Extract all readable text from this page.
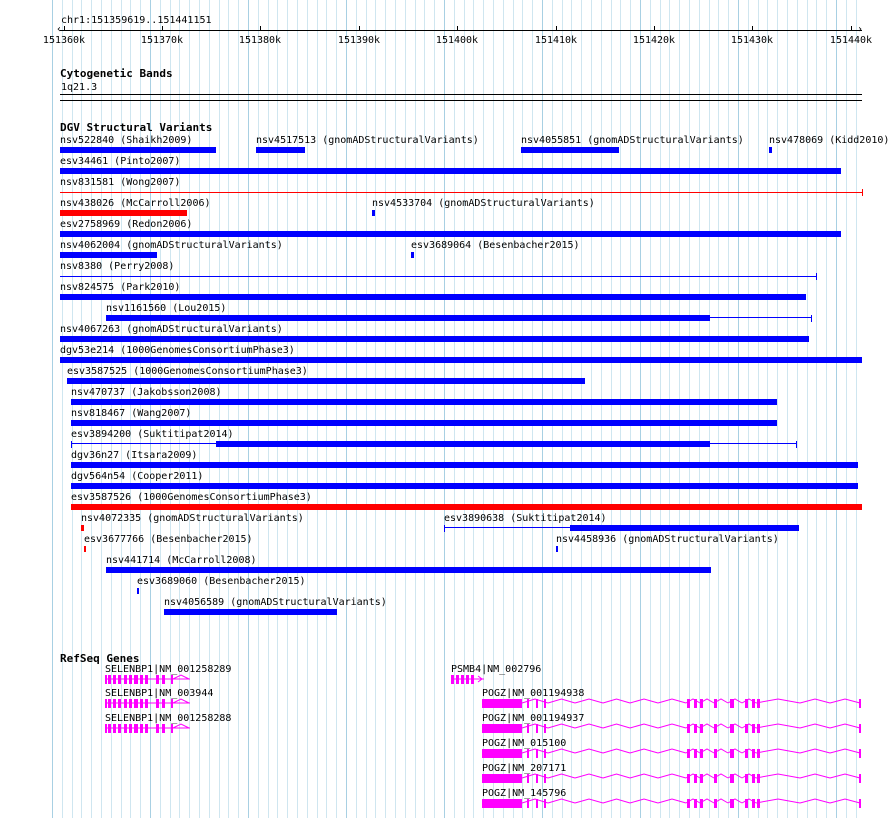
chr1:151359619..151441151
151360k	151370k	151380k	151390k	151400k	151410k	151420k	151430k	151440k
‹	›
Cytogenetic Bands
1q21.3
DGV Structural Variants
nsv522840 (Shaikh2009)	nsv4517513 (gnomADStructuralVariants)	nsv4055851 (gnomADStructuralVariants)	nsv478069 (Kidd2010)
esv34461 (Pinto2007)
nsv831581 (Wong2007)
nsv438026 (McCarroll2006)	nsv4533704 (gnomADStructuralVariants)
esv2758969 (Redon2006)
nsv4062004 (gnomADStructuralVariants)	esv3689064 (Besenbacher2015)
nsv8380 (Perry2008)
nsv824575 (Park2010)
nsv1161560 (Lou2015)
nsv4067263 (gnomADStructuralVariants)
dgv53e214 (1000GenomesConsortiumPhase3)
esv3587525 (1000GenomesConsortiumPhase3)
nsv470737 (Jakobsson2008)
nsv818467 (Wang2007)
esv3894200 (Suktitipat2014)
dgv36n27 (Itsara2009)
dgv564n54 (Cooper2011)
esv3587526 (1000GenomesConsortiumPhase3)
nsv4072335 (gnomADStructuralVariants)	esv3890638 (Suktitipat2014)
esv3677766 (Besenbacher2015)	nsv4458936 (gnomADStructuralVariants)
nsv441714 (McCarroll2008)
esv3689060 (Besenbacher2015)
nsv4056589 (gnomADStructuralVariants)
RefSeq Genes
SELENBP1|NM_001258289
SELENBP1|NM_003944
SELENBP1|NM_001258288
PSMB4|NM_002796
POGZ|NM_001194938
POGZ|NM_001194937
POGZ|NM_015100
POGZ|NM_207171
POGZ|NM_145796
